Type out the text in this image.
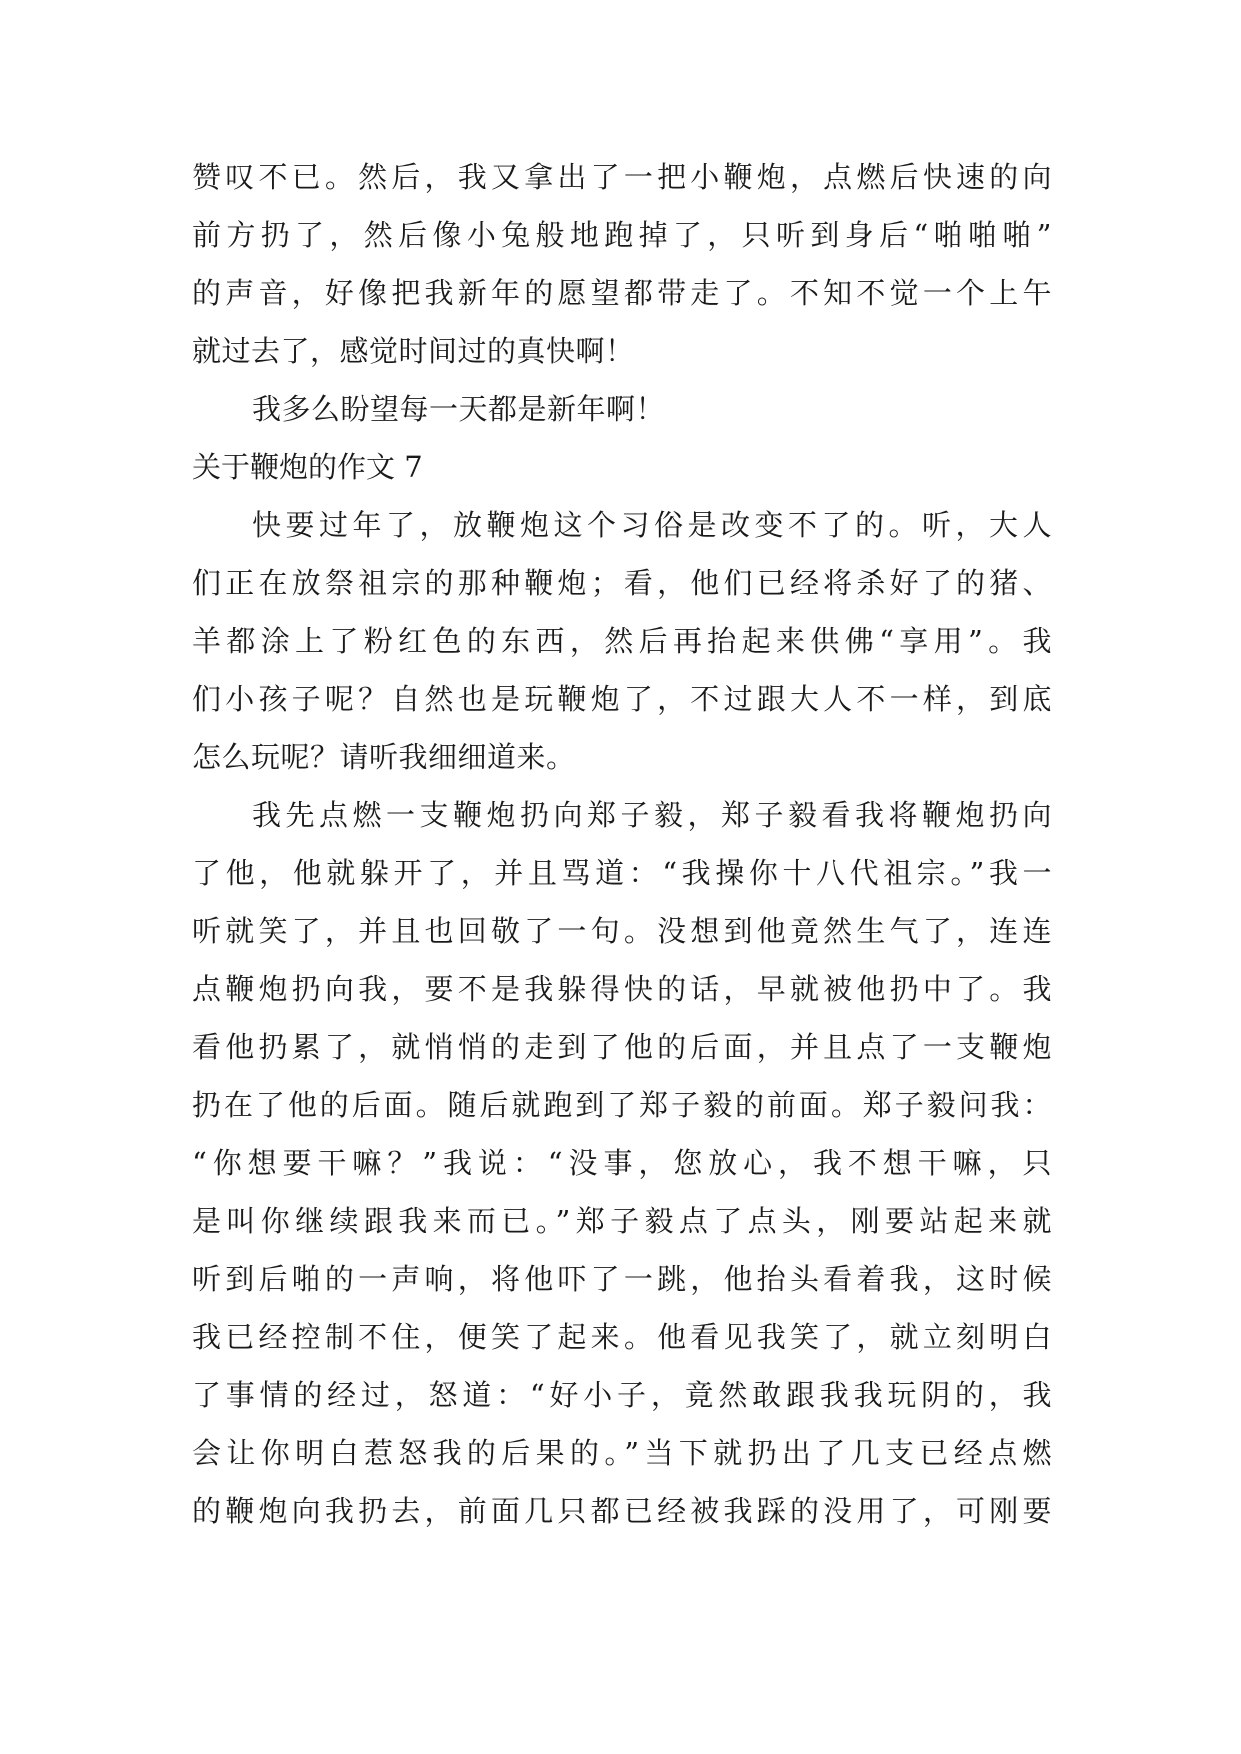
赞叹不已。然后，我又拿出了一把小鞭炮，点燃后快速的向
前方扔了，然后像小兔般地跑掉了，只听到身后“啪啪啪”
的声音，好像把我新年的愿望都带走了。不知不觉一个上午
就过去了，感觉时间过的真快啊！
我多么盼望每一天都是新年啊！
关于鞭炮的作文 7
快要过年了，放鞭炮这个习俗是改变不了的。听，大人
们正在放祭祖宗的那种鞭炮；看，他们已经将杀好了的猪、
羊都涂上了粉红色的东西，然后再抬起来供佛“享用”。我
们小孩子呢？自然也是玩鞭炮了，不过跟大人不一样，到底
怎么玩呢？请听我细细道来。
我先点燃一支鞭炮扔向郑子毅，郑子毅看我将鞭炮扔向
了他，他就躲开了，并且骂道：“我操你十八代祖宗。”我一
听就笑了，并且也回敬了一句。没想到他竟然生气了，连连
点鞭炮扔向我，要不是我躲得快的话，早就被他扔中了。我
看他扔累了，就悄悄的走到了他的后面，并且点了一支鞭炮
扔在了他的后面。随后就跑到了郑子毅的前面。郑子毅问我：
“你想要干嘛？”我说：“没事，您放心，我不想干嘛，只
是叫你继续跟我来而已。”郑子毅点了点头，刚要站起来就
听到后啪的一声响，将他吓了一跳，他抬头看着我，这时候
我已经控制不住，便笑了起来。他看见我笑了，就立刻明白
了事情的经过，怒道：“好小子，竟然敢跟我我玩阴的，我
会让你明白惹怒我的后果的。”当下就扔出了几支已经点燃
的鞭炮向我扔去，前面几只都已经被我踩的没用了，可刚要
